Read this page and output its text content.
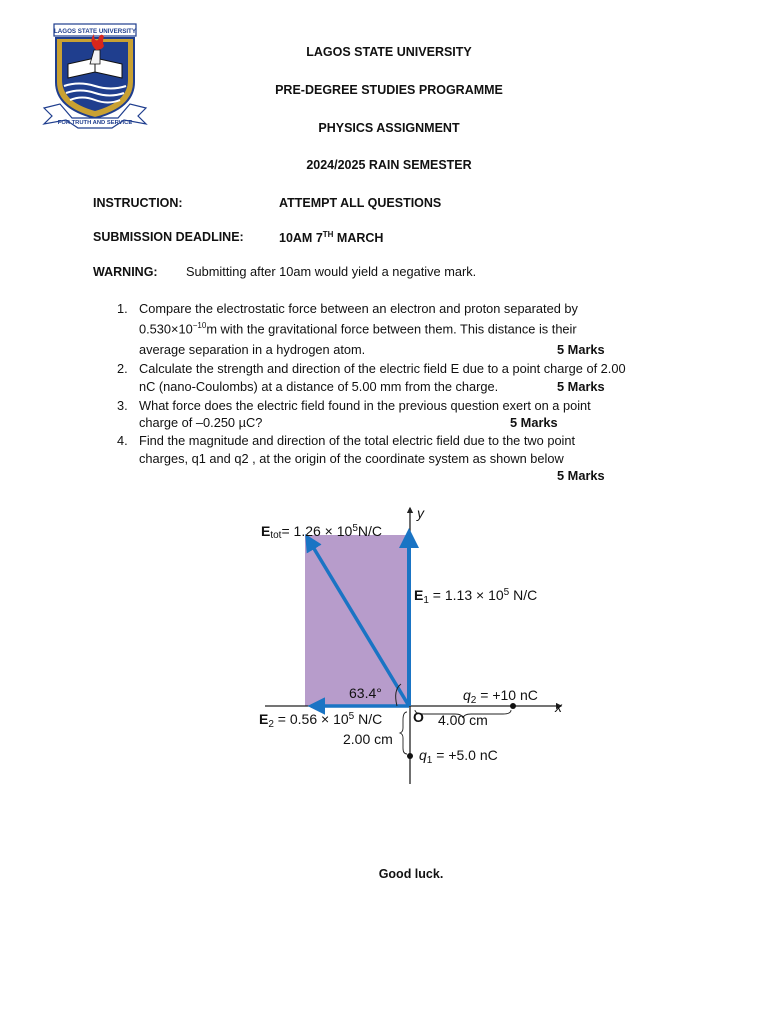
LAGOS STATE UNIVERSITY
FOR TRUTH AND SERVICE
LAGOS STATE UNIVERSITY
PRE-DEGREE STUDIES PROGRAMME
PHYSICS ASSIGNMENT
2024/2025 RAIN SEMESTER
INSTRUCTION:	ATTEMPT ALL QUESTIONS
SUBMISSION DEADLINE:	10AM 7TH MARCH
WARNING: Submitting after 10am would yield a negative mark.
1. Compare the electrostatic force between an electron and proton separated by
$0.530\times 10^{-10}m$ with the gravitational force between them. This distance is their
average separation in a hydrogen atom.	5 Marks
2. Calculate the strength and direction of the electric field E due to a point charge of 2.00
nC (nano-Coulombs) at a distance of 5.00 mm from the charge.	5 Marks
3. What force does the electric field found in the previous question exert on a point
charge of –0.250 µC?	5 Marks
4. Find the magnitude and direction of the total electric field due to the two point
charges, q1 and q2 , at the origin of the coordinate system as shown below
5 Marks
x
y
Etot= $1.26 \times 10^5N/C$
$E_1 = 1.13 \times 10^5$ N/C
$E_2 = 0.56 \times 10^5$ N/C O
63.4°	$q_2 = +10$ nC
4.00 cm
2.00 cm
$q_1 = +5.0$ nC
Good luck.
